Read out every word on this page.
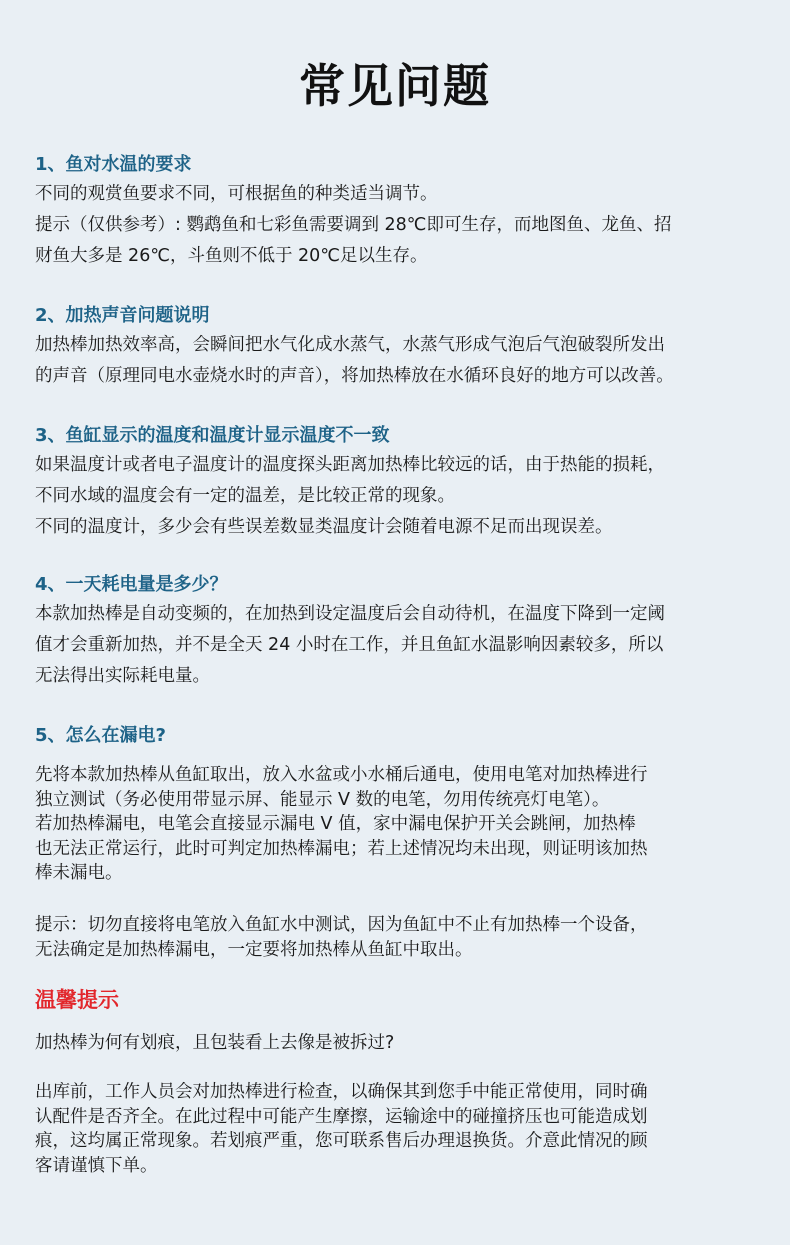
常见问题
1、鱼对水温的要求
不同的观赏鱼要求不同，可根据鱼的种类适当调节。
提示（仅供参考）: 鹦鹉鱼和七彩鱼需要调到 28℃即可生存，而地图鱼、龙鱼、招
财鱼大多是 26℃，斗鱼则不低于 20℃足以生存。
2、加热声音问题说明
加热棒加热效率高，会瞬间把水气化成水蒸气，水蒸气形成气泡后气泡破裂所发出
的声音（原理同电水壶烧水时的声音），将加热棒放在水循环良好的地方可以改善。
3、鱼缸显示的温度和温度计显示温度不一致
如果温度计或者电子温度计的温度探头距离加热棒比较远的话，由于热能的损耗，
不同水域的温度会有一定的温差，是比较正常的现象。
不同的温度计，多少会有些误差数显类温度计会随着电源不足而出现误差。
4、一天耗电量是多少？
本款加热棒是自动变频的，在加热到设定温度后会自动待机，在温度下降到一定阈
值才会重新加热，并不是全天 24 小时在工作，并且鱼缸水温影响因素较多，所以
无法得出实际耗电量。
5、怎么在漏电?
先将本款加热棒从鱼缸取出，放入水盆或小水桶后通电，使用电笔对加热棒进行
独立测试（务必使用带显示屏、能显示 V 数的电笔，勿用传统亮灯电笔）。
若加热棒漏电，电笔会直接显示漏电 V 值，家中漏电保护开关会跳闸，加热棒
也无法正常运行，此时可判定加热棒漏电；若上述情况均未出现，则证明该加热
棒未漏电。
提示：切勿直接将电笔放入鱼缸水中测试，因为鱼缸中不止有加热棒一个设备，
无法确定是加热棒漏电，一定要将加热棒从鱼缸中取出。
温馨提示
加热棒为何有划痕，且包装看上去像是被拆过?
出库前，工作人员会对加热棒进行检查，以确保其到您手中能正常使用，同时确
认配件是否齐全。在此过程中可能产生摩擦，运输途中的碰撞挤压也可能造成划
痕，这均属正常现象。若划痕严重，您可联系售后办理退换货。介意此情况的顾
客请谨慎下单。
